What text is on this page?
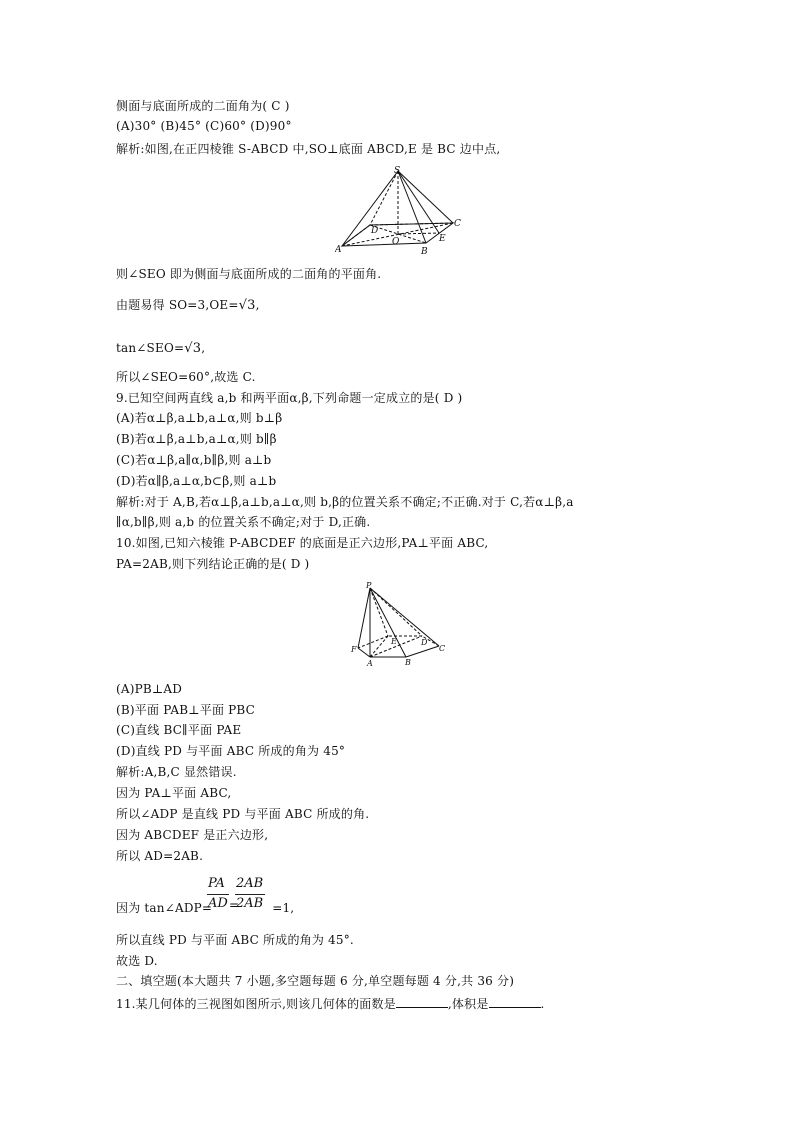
侧面与底面所成的二面角为( C )
(A)30° (B)45° (C)60° (D)90°
解析:如图,在正四棱锥 S-ABCD 中,SO⊥底面 ABCD,E 是 BC 边中点,
S
A	B
C
D
O	E
则∠SEO 即为侧面与底面所成的二面角的平面角.
由题易得 SO=3,OE=√3,
tan∠SEO=√3,
所以∠SEO=60°,故选 C.
9.已知空间两直线 a,b 和两平面α,β,下列命题一定成立的是( D )
(A)若α⊥β,a⊥b,a⊥α,则 b⊥β
(B)若α⊥β,a⊥b,a⊥α,则 b∥β
(C)若α⊥β,a∥α,b∥β,则 a⊥b
(D)若α∥β,a⊥α,b⊂β,则 a⊥b
解析:对于 A,B,若α⊥β,a⊥b,a⊥α,则 b,β的位置关系不确定;不正确.对于 C,若α⊥β,a
∥α,b∥β,则 a,b 的位置关系不确定;对于 D,正确.
10.如图,已知六棱锥 P-ABCDEF 的底面是正六边形,PA⊥平面 ABC,
PA=2AB,则下列结论正确的是( D )
P
A	B
C
D
E
F
(A)PB⊥AD
(B)平面 PAB⊥平面 PBC
(C)直线 BC∥平面 PAE
(D)直线 PD 与平面 ABC 所成的角为 45°
解析:A,B,C 显然错误.
因为 PA⊥平面 ABC,
所以∠ADP 是直线 PD 与平面 ABC 所成的角.
因为 ABCDEF 是正六边形,
所以 AD=2AB.
因为 tan∠ADP=	=1,
PA
AD =
2AB
2AB
所以直线 PD 与平面 ABC 所成的角为 45°.
故选 D.
二、填空题(本大题共 7 小题,多空题每题 6 分,单空题每题 4 分,共 36 分)
11.某几何体的三视图如图所示,则该几何体的面数是	,体积是	.
